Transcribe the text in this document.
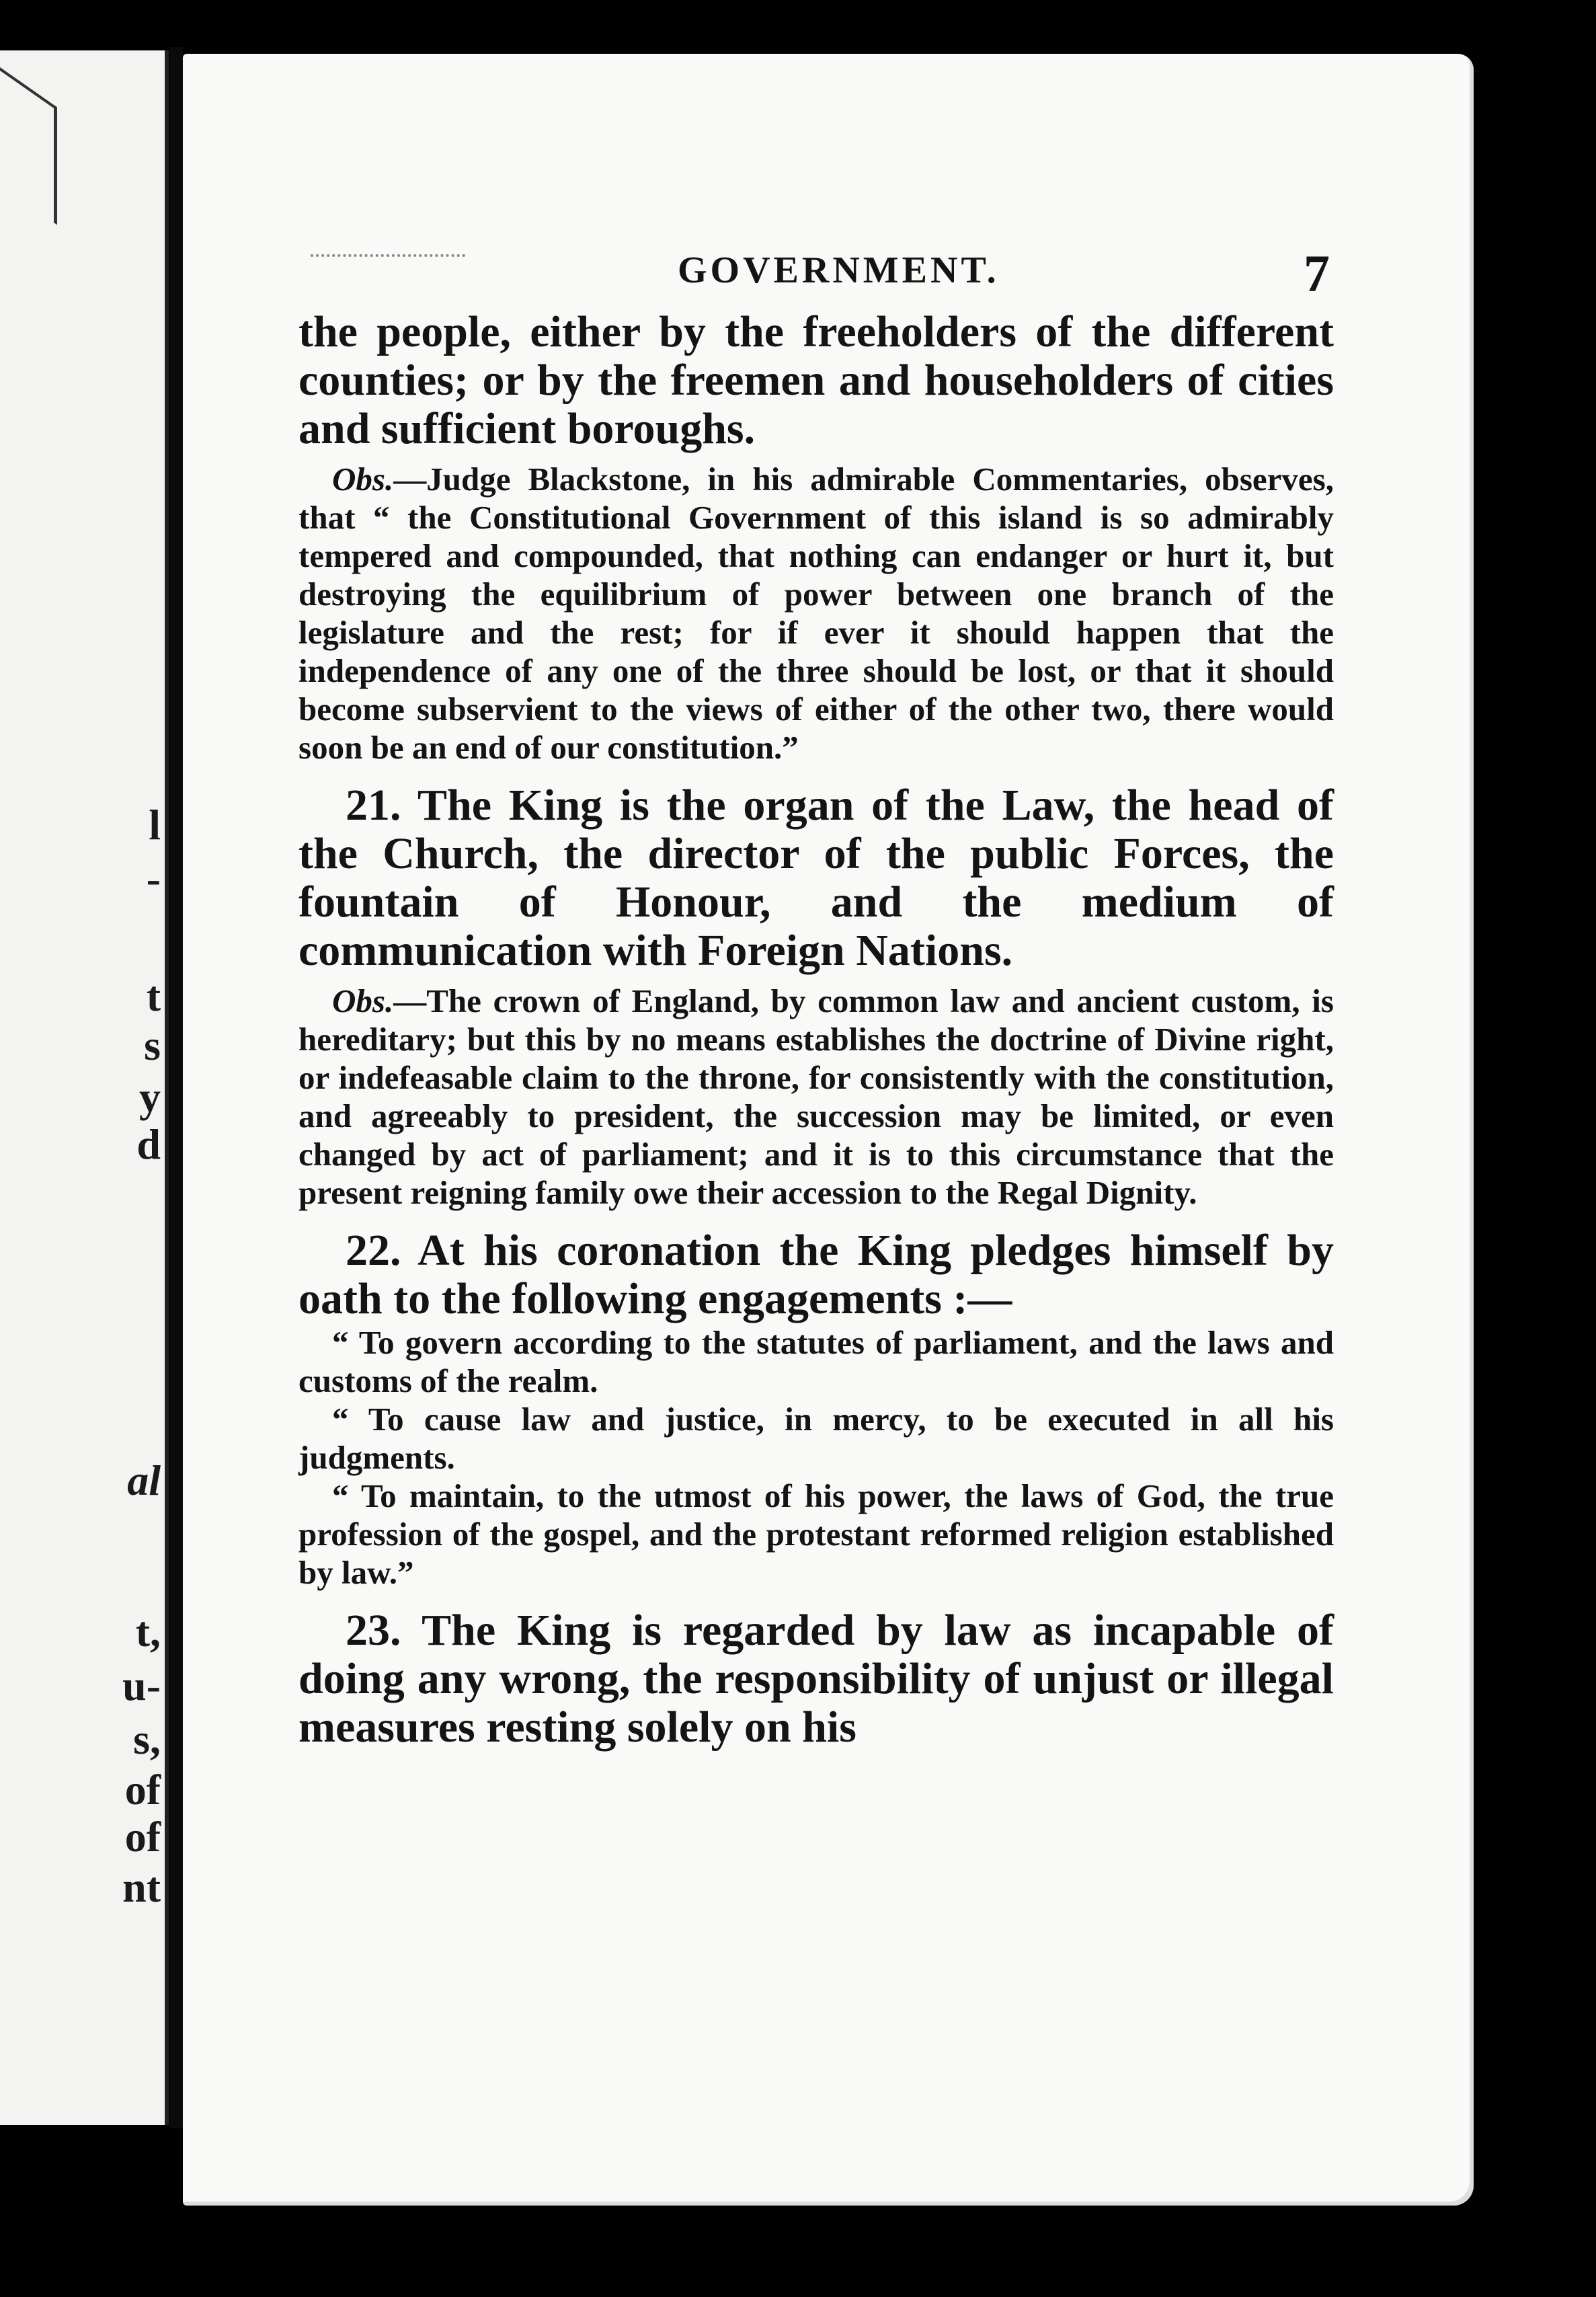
l
-
t
s
y
d
al
t,
u-
s,
of
of
nt
GOVERNMENT.	7

the people, either by the freeholders of the different counties; or by the freemen and householders of cities and sufficient boroughs.

Obs.—Judge Blackstone, in his admirable Commentaries, observes, that “ the Constitutional Government of this island is so admirably tempered and compounded, that nothing can endanger or hurt it, but destroying the equilibrium of power between one branch of the legislature and the rest; for if ever it should happen that the independence of any one of the three should be lost, or that it should become subservient to the views of either of the other two, there would soon be an end of our constitution.”

21. The King is the organ of the Law, the head of the Church, the director of the public Forces, the fountain of Honour, and the medium of communication with Foreign Nations.

Obs.—The crown of England, by common law and ancient custom, is hereditary; but this by no means establishes the doctrine of Divine right, or indefeasable claim to the throne, for consistently with the constitution, and agreeably to president, the succession may be limited, or even changed by act of parliament; and it is to this circumstance that the present reigning family owe their accession to the Regal Dignity.

22. At his coronation the King pledges himself by oath to the following engagements :—

“ To govern according to the statutes of parliament, and the laws and customs of the realm.

“ To cause law and justice, in mercy, to be executed in all his judgments.

“ To maintain, to the utmost of his power, the laws of God, the true profession of the gospel, and the protestant reformed religion established by law.”

23. The King is regarded by law as incapable of doing any wrong, the responsibility of unjust or illegal measures resting solely on his
